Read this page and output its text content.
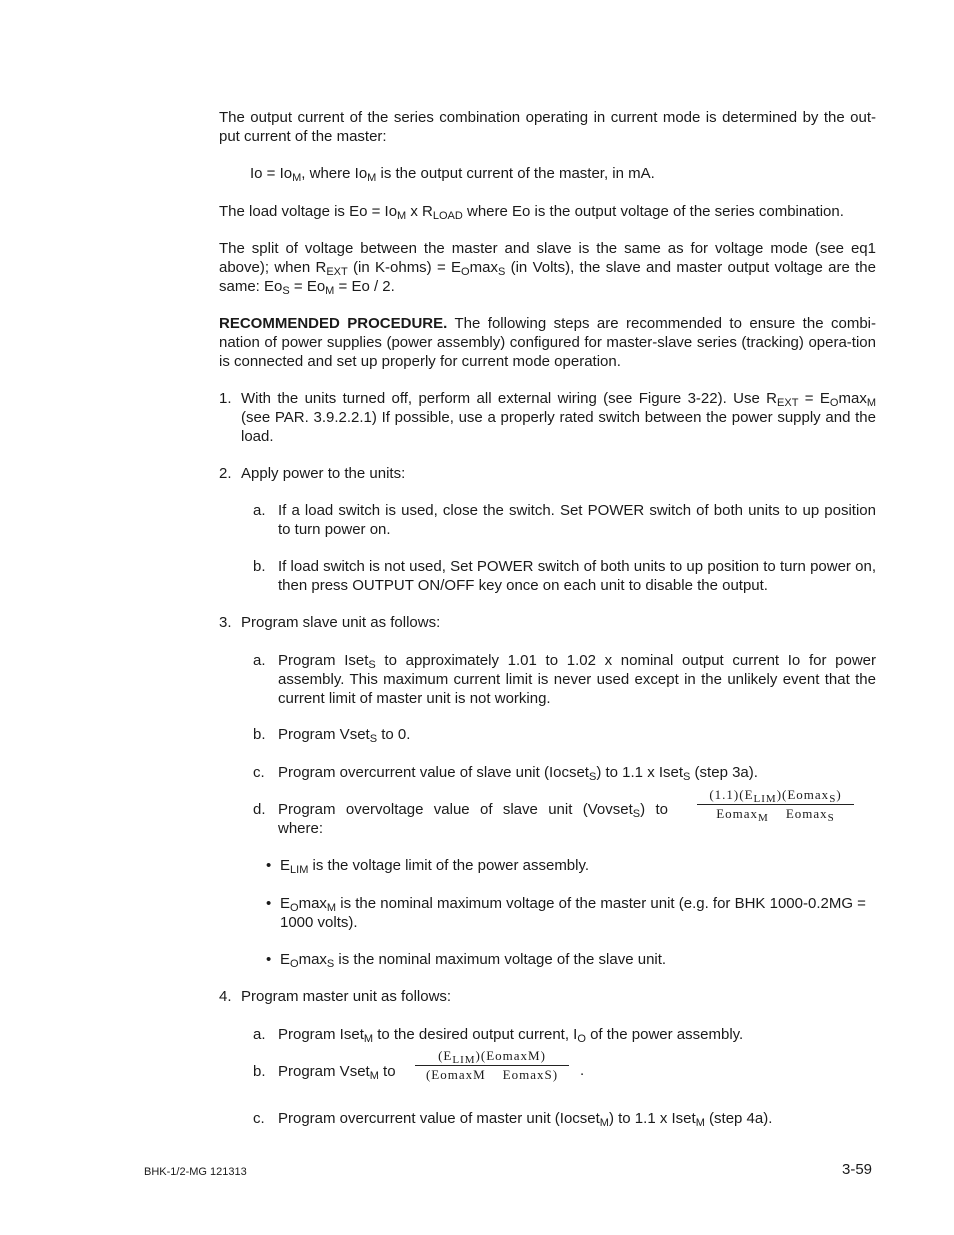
The output current of the series combination operating in current mode is determined by the out-put current of the master:
$Io = Io_M$, where $Io_M$ is the output current of the master, in mA.
The load voltage is $Eo = Io_M$ x $R_{LOAD}$ where Eo is the output voltage of the series combination.
The split of voltage between the master and slave is the same as for voltage mode (see eq1 above); when $R_{EXT}$ (in K-ohms) = $E_O\max_S$ (in Volts), the slave and master output voltage are the same: $Eo_S = Eo_M = Eo / 2$.
RECOMMENDED PROCEDURE. The following steps are recommended to ensure the combi-nation of power supplies (power assembly) configured for master-slave series (tracking) opera-tion is connected and set up properly for current mode operation.
1. With the units turned off, perform all external wiring (see Figure 3-22). Use $R_{EXT} = E_O\max_M$ (see PAR. 3.9.2.2.1) If possible, use a properly rated switch between the power supply and the load.
2. Apply power to the units:
a. If a load switch is used, close the switch. Set POWER switch of both units to up position to turn power on.
b. If load switch is not used, Set POWER switch of both units to up position to turn power on, then press OUTPUT ON/OFF key once on each unit to disable the output.
3. Program slave unit as follows:
a. Program Iset$_S$ to approximately 1.01 to 1.02 x nominal output current Io for power assembly. This maximum current limit is never used except in the unlikely event that the current limit of master unit is not working.
b. Program Vset$_S$ to 0.
c. Program overcurrent value of slave unit (Iocset$_S$) to 1.1 x Iset$_S$ (step 3a).
d. Program overvoltage value of slave unit (Vovset$_S$) to where:
$(1.1)(E_{LIM})(Eomax_S)$
Eomax$_M$ Eomax$_S$
• $E_{LIM}$ is the voltage limit of the power assembly.
• $E_O\max_M$ is the nominal maximum voltage of the master unit (e.g. for BHK 1000-0.2MG = 1000 volts).
• $E_O\max_S$ is the nominal maximum voltage of the slave unit.
4. Program master unit as follows:
a. Program Iset$_M$ to the desired output current, $I_O$ of the power assembly.
b. Program Vset$_M$ to
$(E_{LIM})(EomaxM)$
(EomaxM EomaxS)	.
c. Program overcurrent value of master unit (Iocset$_M$) to 1.1 x Iset$_M$ (step 4a).
BHK-1/2-MG 121313	3-59
